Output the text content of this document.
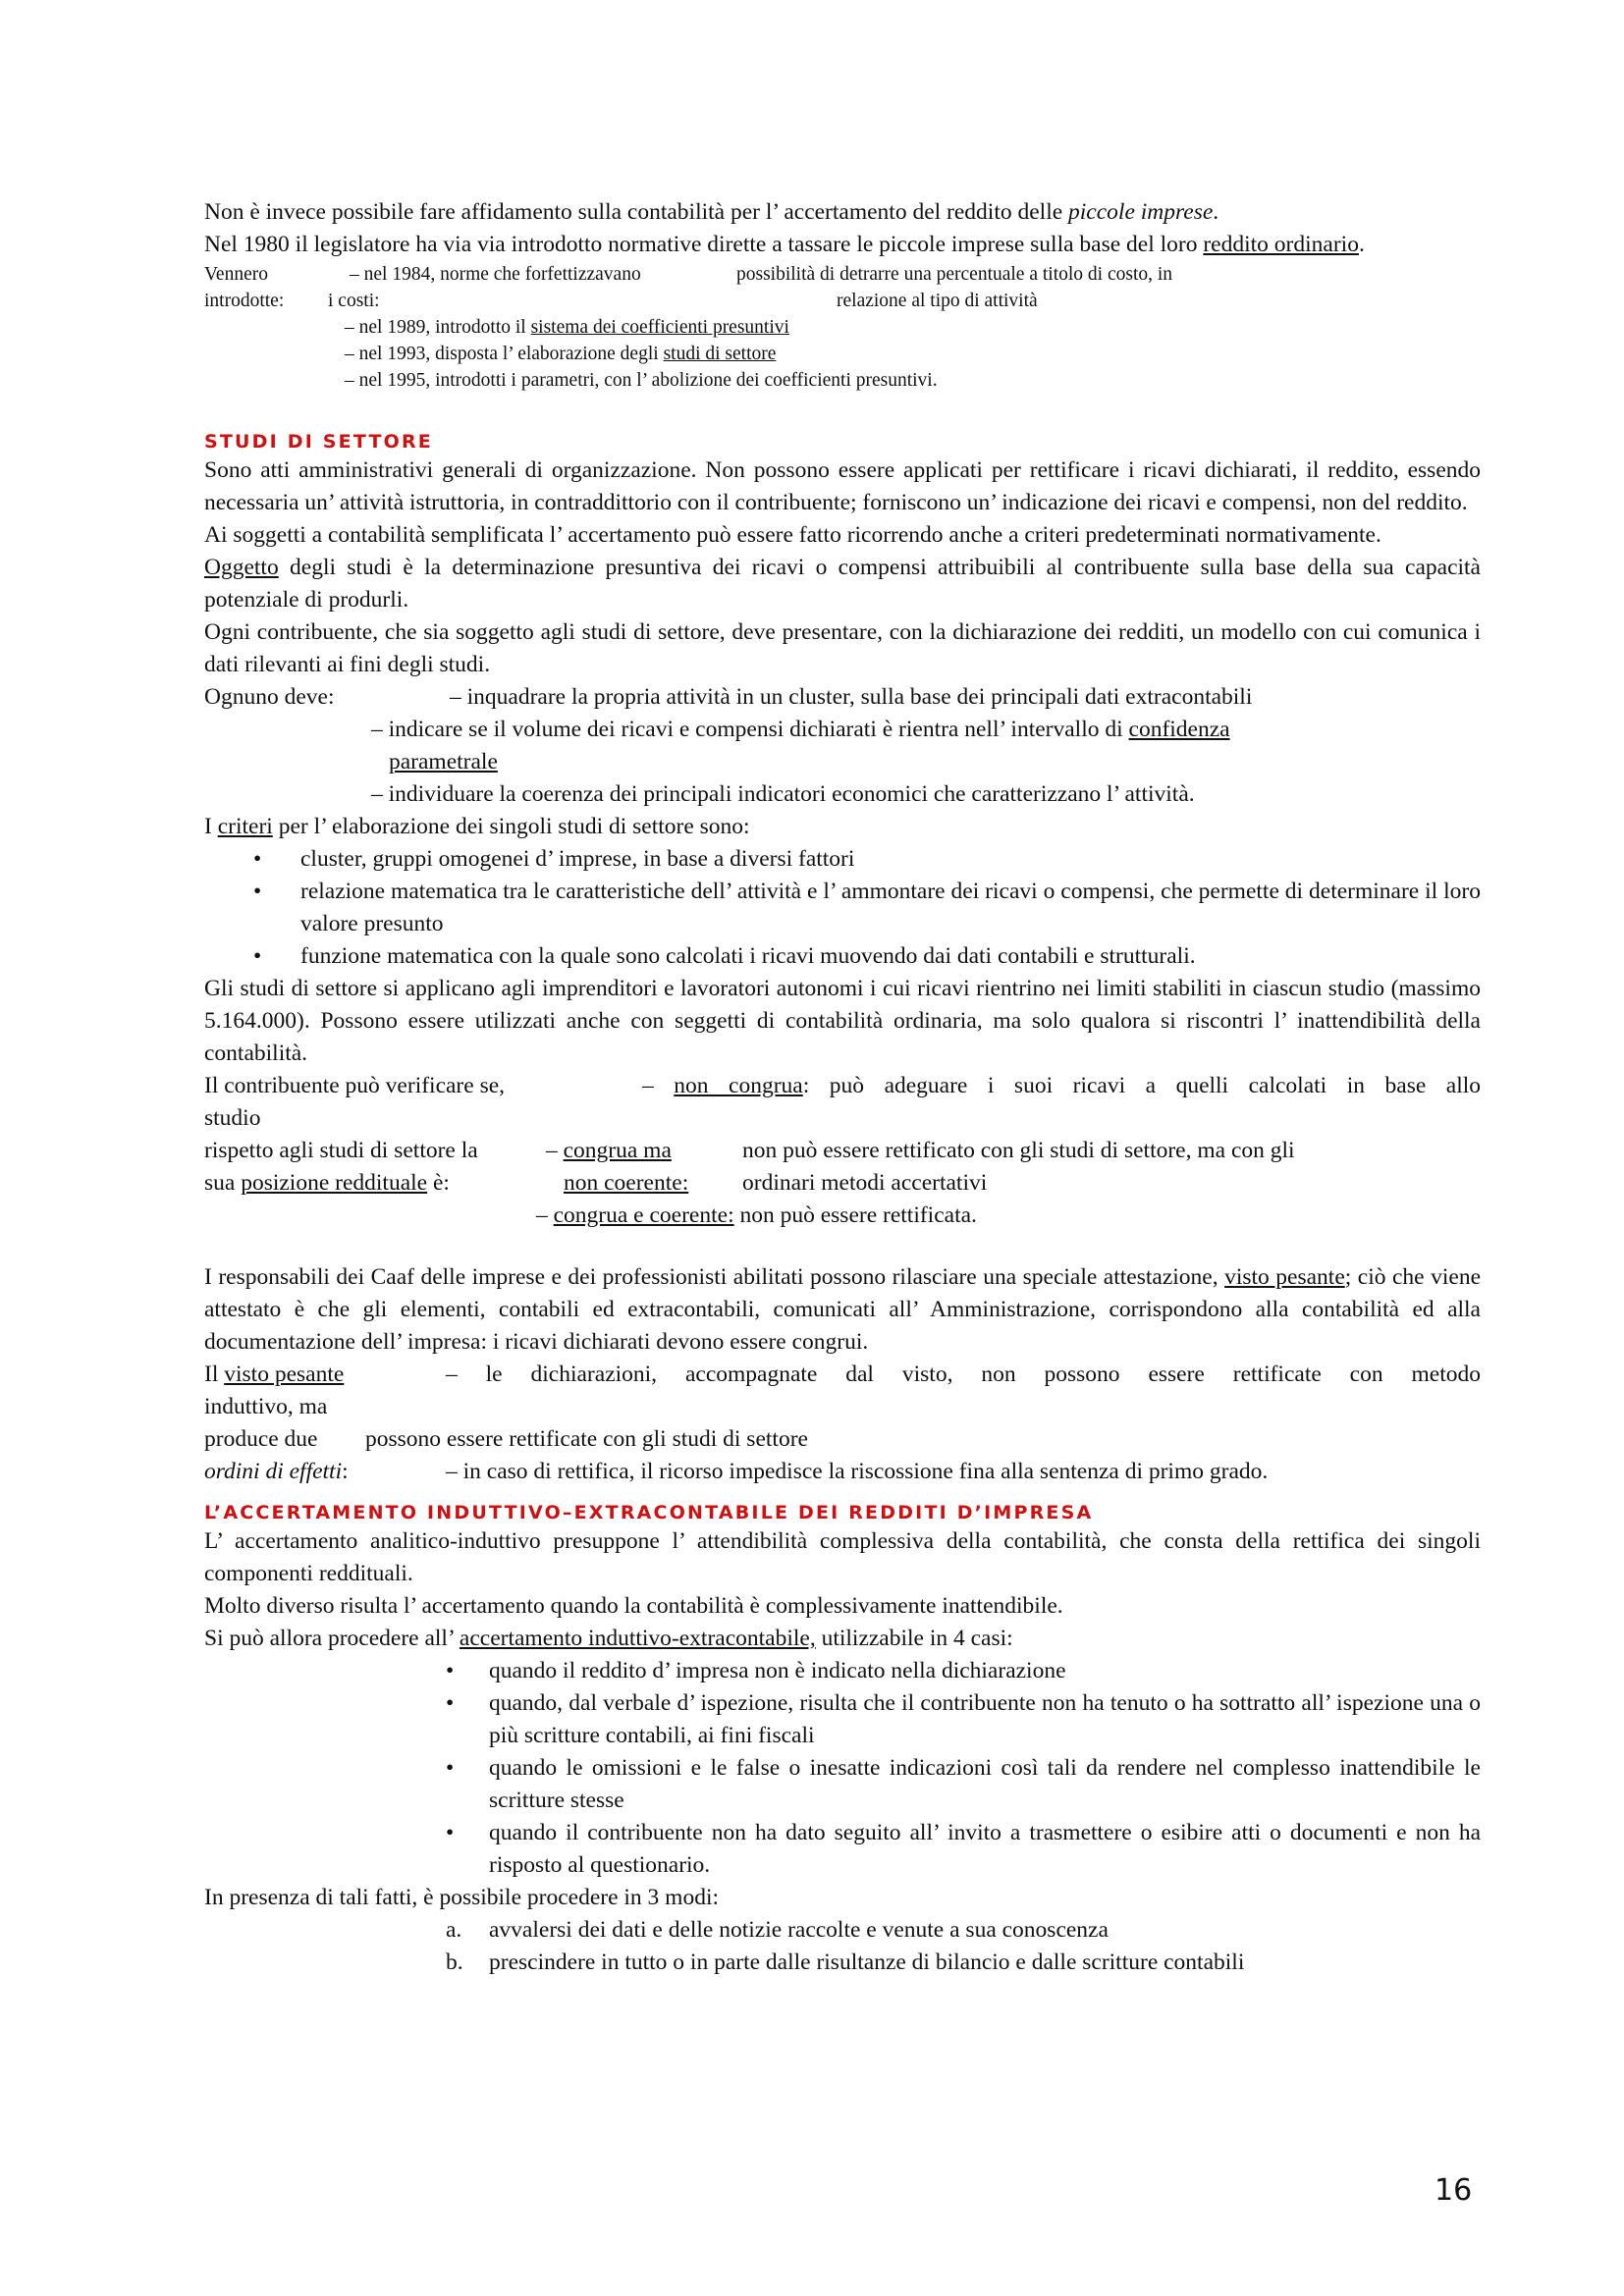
Non è invece possibile fare affidamento sulla contabilità per l’ accertamento del reddito delle piccole imprese.

Nel 1980 il legislatore ha via via introdotto normative dirette a tassare le piccole imprese sulla base del loro reddito ordinario.

Vennero	– nel 1984, norme che forfettizzavano	possibilità di detrarre una percentuale a titolo di costo, in
introdotte: i costi:	relazione al tipo di attività
– nel 1989, introdotto il sistema dei coefficienti presuntivi
– nel 1993, disposta l’ elaborazione degli studi di settore
– nel 1995, introdotti i parametri, con l’ abolizione dei coefficienti presuntivi.

STUDI DI SETTORE

Sono atti amministrativi generali di organizzazione. Non possono essere applicati per rettificare i ricavi dichiarati, il reddito, essendo necessaria un’ attività istruttoria, in contraddittorio con il contribuente; forniscono un’ indicazione dei ricavi e compensi, non del reddito.

Ai soggetti a contabilità semplificata l’ accertamento può essere fatto ricorrendo anche a criteri predeterminati normativamente.

Oggetto degli studi è la determinazione presuntiva dei ricavi o compensi attribuibili al contribuente sulla base della sua capacità potenziale di produrli.

Ogni contribuente, che sia soggetto agli studi di settore, deve presentare, con la dichiarazione dei redditi, un modello con cui comunica i dati rilevanti ai fini degli studi.

Ognuno deve:	– inquadrare la propria attività in un cluster, sulla base dei principali dati extracontabili
– indicare se il volume dei ricavi e compensi dichiarati è rientra nell’ intervallo di confidenza
parametrale
– individuare la coerenza dei principali indicatori economici che caratterizzano l’ attività.

I criteri per l’ elaborazione dei singoli studi di settore sono:

• cluster, gruppi omogenei d’ imprese, in base a diversi fattori
• relazione matematica tra le caratteristiche dell’ attività e l’ ammontare dei ricavi o compensi, che permette di determinare il loro valore presunto
• funzione matematica con la quale sono calcolati i ricavi muovendo dai dati contabili e strutturali.

Gli studi di settore si applicano agli imprenditori e lavoratori autonomi i cui ricavi rientrino nei limiti stabiliti in ciascun studio (massimo 5.164.000). Possono essere utilizzati anche con seggetti di contabilità ordinaria, ma solo qualora si riscontri l’ inattendibilità della contabilità.

Il contribuente può verificare se,	– non congrua: può adeguare i suoi ricavi a quelli calcolati in base allo
studio
rispetto agli studi di settore la	– congrua ma	non può essere rettificato con gli studi di settore, ma con gli
sua posizione reddituale è:	non coerente: ordinari metodi accertativi
– congrua e coerente: non può essere rettificata.

I responsabili dei Caaf delle imprese e dei professionisti abilitati possono rilasciare una speciale attestazione, visto pesante; ciò che viene attestato è che gli elementi, contabili ed extracontabili, comunicati all’ Amministrazione, corrispondono alla contabilità ed alla documentazione dell’ impresa: i ricavi dichiarati devono essere congrui.

Il visto pesante	– le dichiarazioni, accompagnate dal visto, non possono essere rettificate con metodo
induttivo, ma
produce due possono essere rettificate con gli studi di settore
ordini di effetti:	– in caso di rettifica, il ricorso impedisce la riscossione fina alla sentenza di primo grado.

L’ACCERTAMENTO INDUTTIVO–EXTRACONTABILE DEI REDDITI D’IMPRESA

L’ accertamento analitico-induttivo presuppone l’ attendibilità complessiva della contabilità, che consta della rettifica dei singoli componenti reddituali.

Molto diverso risulta l’ accertamento quando la contabilità è complessivamente inattendibile.

Si può allora procedere all’ accertamento induttivo-extracontabile, utilizzabile in 4 casi:

• quando il reddito d’ impresa non è indicato nella dichiarazione
• quando, dal verbale d’ ispezione, risulta che il contribuente non ha tenuto o ha sottratto all’ ispezione una o più scritture contabili, ai fini fiscali
• quando le omissioni e le false o inesatte indicazioni così tali da rendere nel complesso inattendibile le scritture stesse
• quando il contribuente non ha dato seguito all’ invito a trasmettere o esibire atti o documenti e non ha risposto al questionario.

In presenza di tali fatti, è possibile procedere in 3 modi:

a. avvalersi dei dati e delle notizie raccolte e venute a sua conoscenza
b. prescindere in tutto o in parte dalle risultanze di bilancio e dalle scritture contabili
16
